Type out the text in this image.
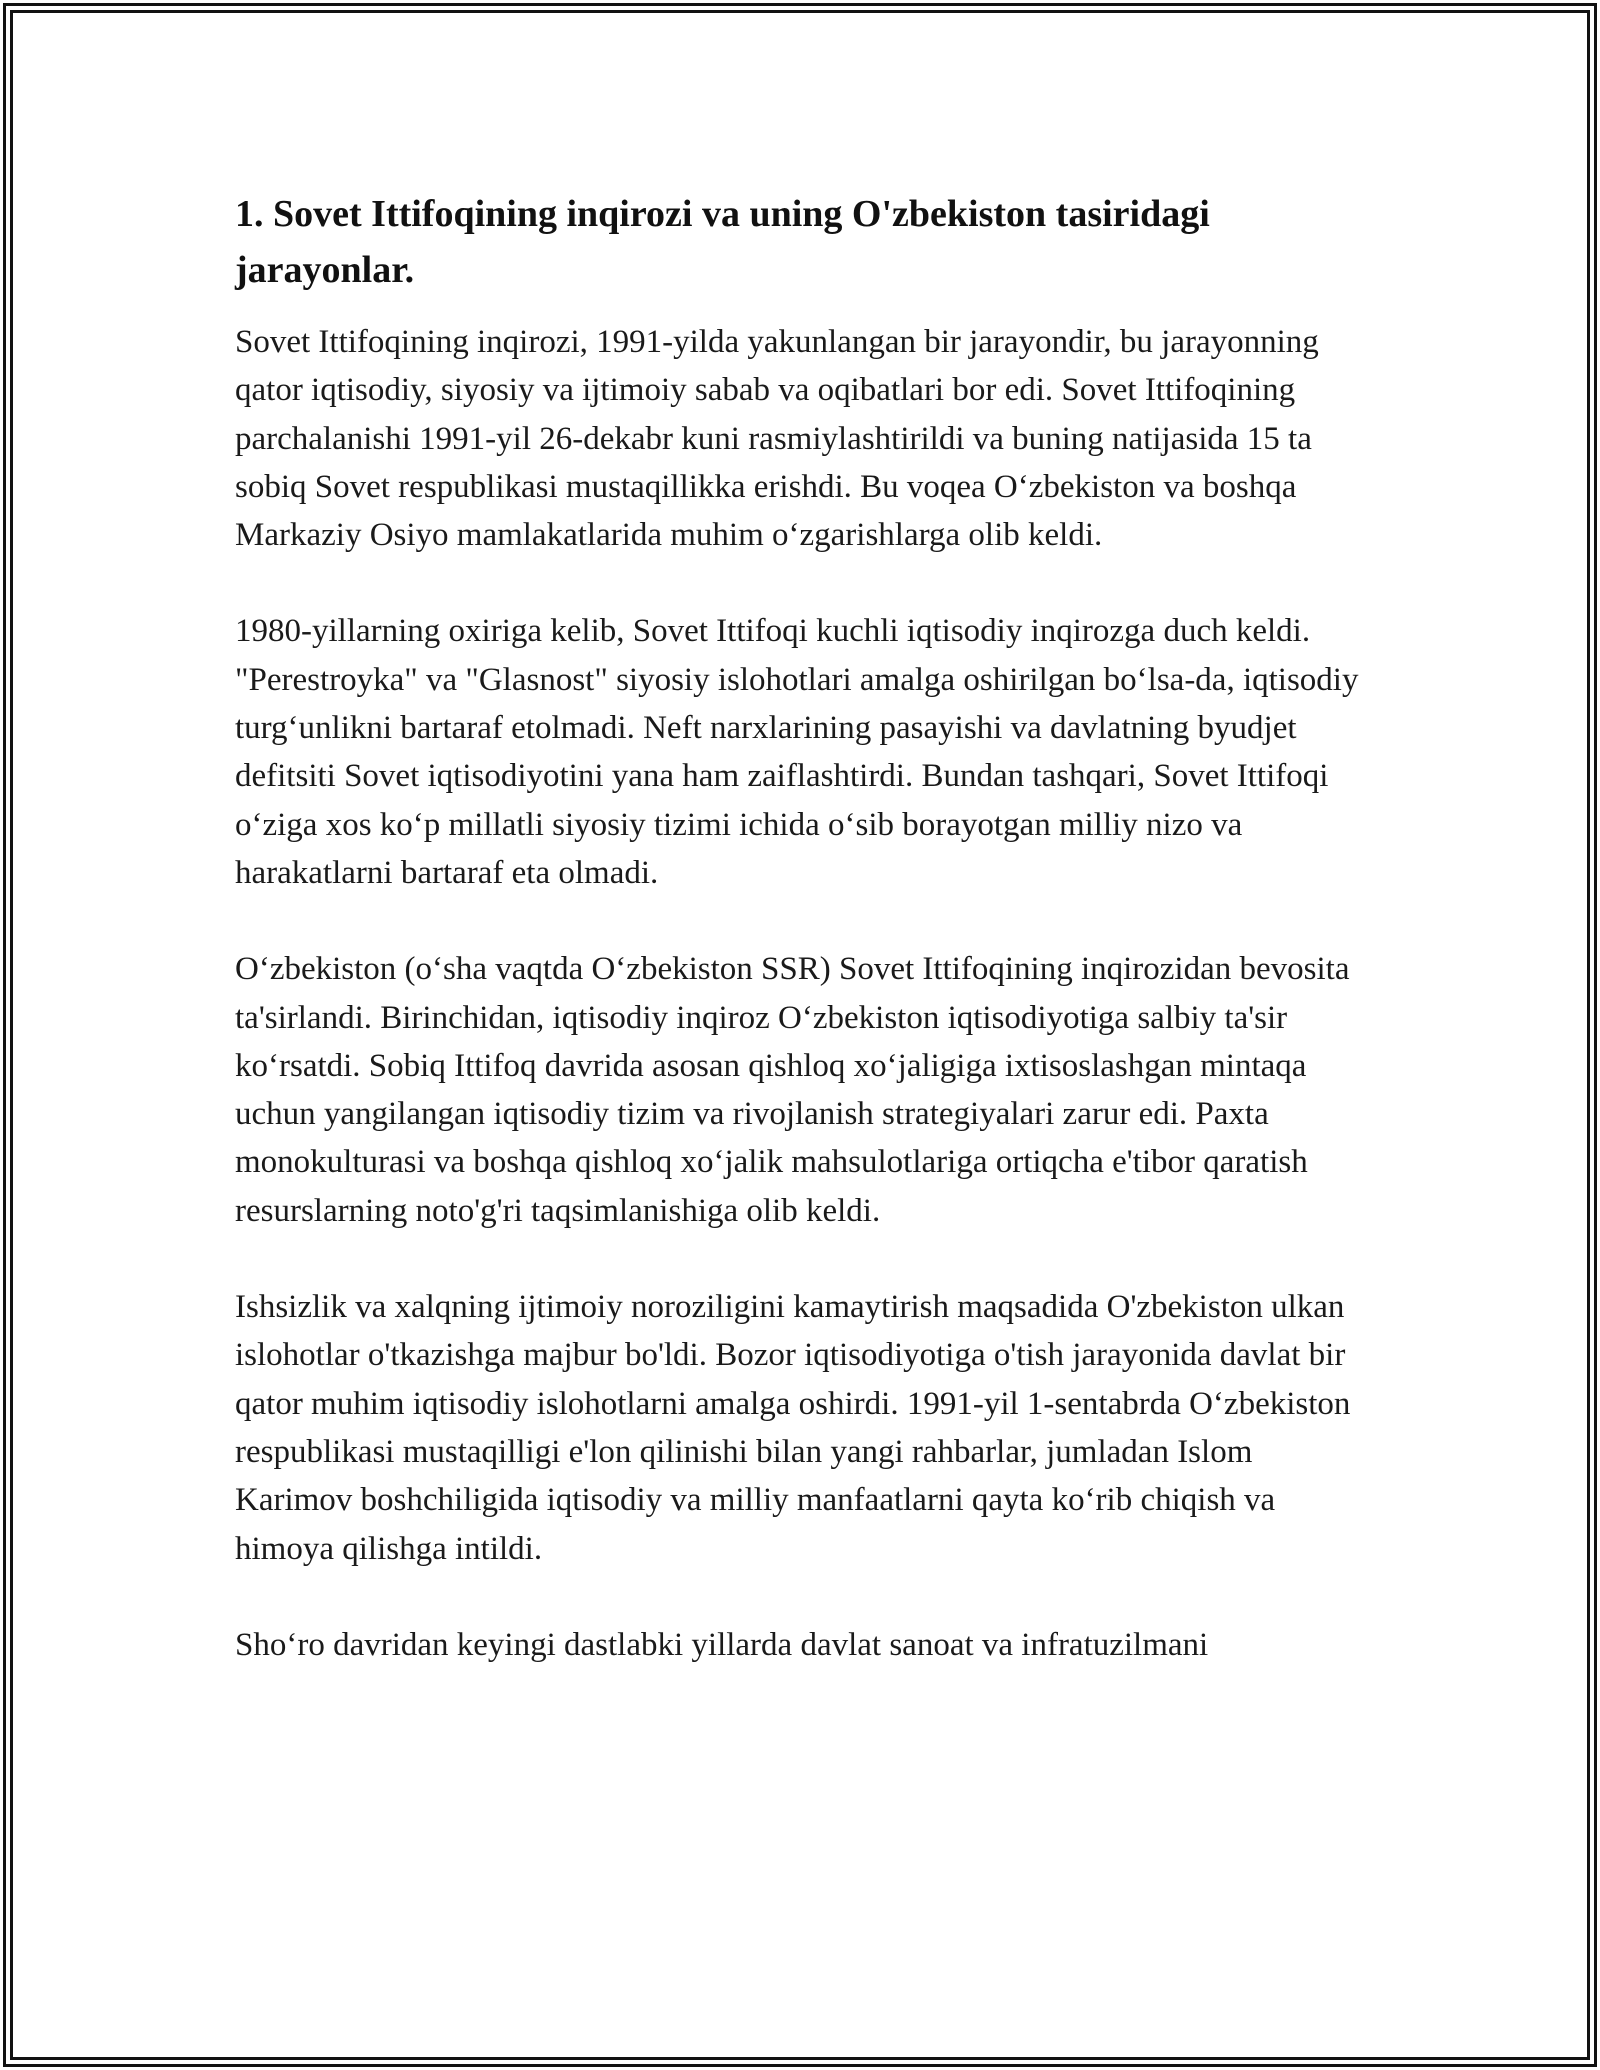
1. Sovet Ittifoqining inqirozi va uning O'zbekiston tasiridagi jarayonlar.

Sovet Ittifoqining inqirozi, 1991-yilda yakunlangan bir jarayondir, bu jarayonning qator iqtisodiy, siyosiy va ijtimoiy sabab va oqibatlari bor edi. Sovet Ittifoqining parchalanishi 1991-yil 26-dekabr kuni rasmiylashtirildi va buning natijasida 15 ta sobiq Sovet respublikasi mustaqillikka erishdi. Bu voqea O‘zbekiston va boshqa Markaziy Osiyo mamlakatlarida muhim o‘zgarishlarga olib keldi.

1980-yillarning oxiriga kelib, Sovet Ittifoqi kuchli iqtisodiy inqirozga duch keldi. "Perestroyka" va "Glasnost" siyosiy islohotlari amalga oshirilgan bo‘lsa-da, iqtisodiy turg‘unlikni bartaraf etolmadi. Neft narxlarining pasayishi va davlatning byudjet defitsiti Sovet iqtisodiyotini yana ham zaiflashtirdi. Bundan tashqari, Sovet Ittifoqi o‘ziga xos ko‘p millatli siyosiy tizimi ichida o‘sib borayotgan milliy nizo va harakatlarni bartaraf eta olmadi.

O‘zbekiston (o‘sha vaqtda O‘zbekiston SSR) Sovet Ittifoqining inqirozidan bevosita ta'sirlandi. Birinchidan, iqtisodiy inqiroz O‘zbekiston iqtisodiyotiga salbiy ta'sir ko‘rsatdi. Sobiq Ittifoq davrida asosan qishloq xo‘jaligiga ixtisoslashgan mintaqa uchun yangilangan iqtisodiy tizim va rivojlanish strategiyalari zarur edi. Paxta monokulturasi va boshqa qishloq xo‘jalik mahsulotlariga ortiqcha e'tibor qaratish resurslarning noto'g'ri taqsimlanishiga olib keldi.

Ishsizlik va xalqning ijtimoiy noroziligini kamaytirish maqsadida O'zbekiston ulkan islohotlar o'tkazishga majbur bo'ldi. Bozor iqtisodiyotiga o'tish jarayonida davlat bir qator muhim iqtisodiy islohotlarni amalga oshirdi. 1991-yil 1-sentabrda O‘zbekiston respublikasi mustaqilligi e'lon qilinishi bilan yangi rahbarlar, jumladan Islom Karimov boshchiligida iqtisodiy va milliy manfaatlarni qayta ko‘rib chiqish va himoya qilishga intildi.

Sho‘ro davridan keyingi dastlabki yillarda davlat sanoat va infratuzilmani
